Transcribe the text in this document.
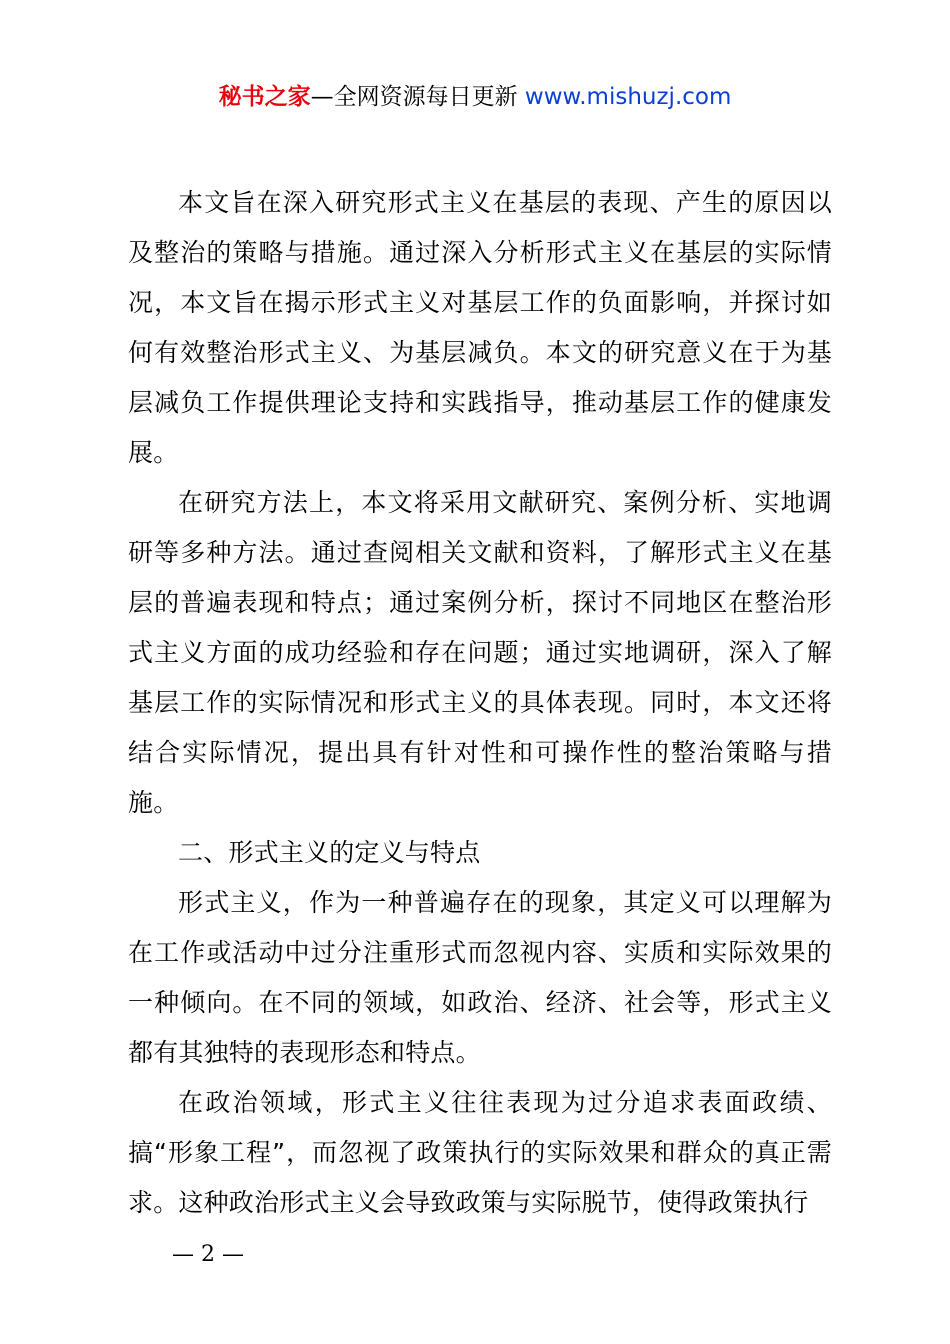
秘书之家—全网资源每日更新 www.mishuzj.com

本文旨在深入研究形式主义在基层的表现、产生的原因以及整治的策略与措施。通过深入分析形式主义在基层的实际情况，本文旨在揭示形式主义对基层工作的负面影响，并探讨如何有效整治形式主义、为基层减负。本文的研究意义在于为基层减负工作提供理论支持和实践指导，推动基层工作的健康发展。

在研究方法上，本文将采用文献研究、案例分析、实地调研等多种方法。通过查阅相关文献和资料，了解形式主义在基层的普遍表现和特点；通过案例分析，探讨不同地区在整治形式主义方面的成功经验和存在问题；通过实地调研，深入了解基层工作的实际情况和形式主义的具体表现。同时，本文还将结合实际情况，提出具有针对性和可操作性的整治策略与措施。

二、形式主义的定义与特点

形式主义，作为一种普遍存在的现象，其定义可以理解为在工作或活动中过分注重形式而忽视内容、实质和实际效果的一种倾向。在不同的领域，如政治、经济、社会等，形式主义都有其独特的表现形态和特点。

在政治领域，形式主义往往表现为过分追求表面政绩、搞“形象工程”，而忽视了政策执行的实际效果和群众的真正需求。这种政治形式主义会导致政策与实际脱节，使得政策执行

— 2 —
